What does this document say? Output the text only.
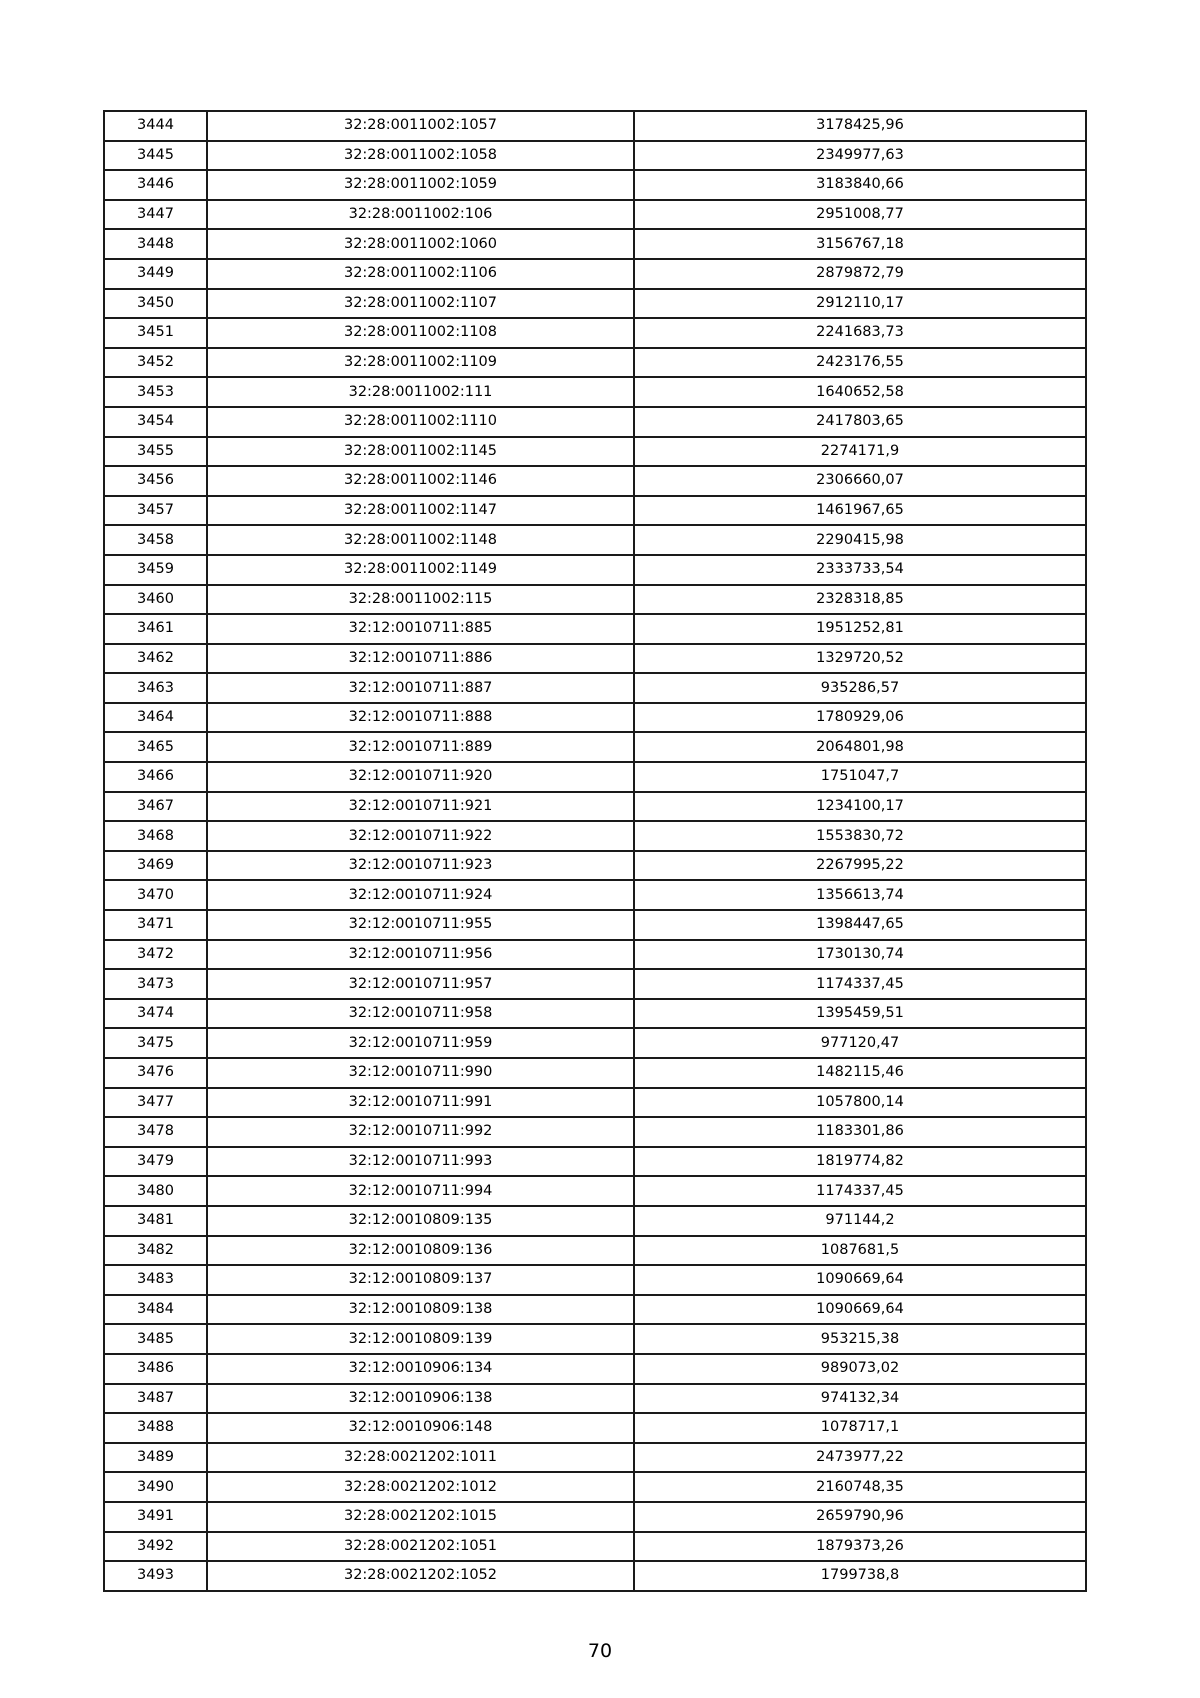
3444	32:28:0011002:1057	3178425,96
3445	32:28:0011002:1058	2349977,63
3446	32:28:0011002:1059	3183840,66
3447	32:28:0011002:106	2951008,77
3448	32:28:0011002:1060	3156767,18
3449	32:28:0011002:1106	2879872,79
3450	32:28:0011002:1107	2912110,17
3451	32:28:0011002:1108	2241683,73
3452	32:28:0011002:1109	2423176,55
3453	32:28:0011002:111	1640652,58
3454	32:28:0011002:1110	2417803,65
3455	32:28:0011002:1145	2274171,9
3456	32:28:0011002:1146	2306660,07
3457	32:28:0011002:1147	1461967,65
3458	32:28:0011002:1148	2290415,98
3459	32:28:0011002:1149	2333733,54
3460	32:28:0011002:115	2328318,85
3461	32:12:0010711:885	1951252,81
3462	32:12:0010711:886	1329720,52
3463	32:12:0010711:887	935286,57
3464	32:12:0010711:888	1780929,06
3465	32:12:0010711:889	2064801,98
3466	32:12:0010711:920	1751047,7
3467	32:12:0010711:921	1234100,17
3468	32:12:0010711:922	1553830,72
3469	32:12:0010711:923	2267995,22
3470	32:12:0010711:924	1356613,74
3471	32:12:0010711:955	1398447,65
3472	32:12:0010711:956	1730130,74
3473	32:12:0010711:957	1174337,45
3474	32:12:0010711:958	1395459,51
3475	32:12:0010711:959	977120,47
3476	32:12:0010711:990	1482115,46
3477	32:12:0010711:991	1057800,14
3478	32:12:0010711:992	1183301,86
3479	32:12:0010711:993	1819774,82
3480	32:12:0010711:994	1174337,45
3481	32:12:0010809:135	971144,2
3482	32:12:0010809:136	1087681,5
3483	32:12:0010809:137	1090669,64
3484	32:12:0010809:138	1090669,64
3485	32:12:0010809:139	953215,38
3486	32:12:0010906:134	989073,02
3487	32:12:0010906:138	974132,34
3488	32:12:0010906:148	1078717,1
3489	32:28:0021202:1011	2473977,22
3490	32:28:0021202:1012	2160748,35
3491	32:28:0021202:1015	2659790,96
3492	32:28:0021202:1051	1879373,26
3493	32:28:0021202:1052	1799738,8
70
